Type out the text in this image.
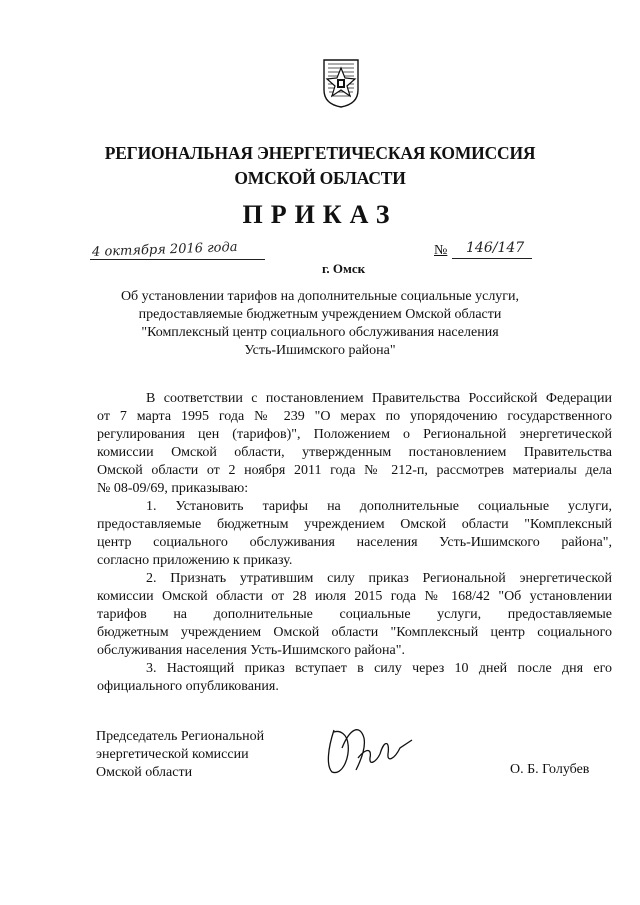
РЕГИОНАЛЬНАЯ ЭНЕРГЕТИЧЕСКАЯ КОМИССИЯ
ОМСКОЙ ОБЛАСТИ
ПРИКАЗ
4 октября 2016 года	№ 146/147
г. Омск
Об установлении тарифов на дополнительные социальные услуги,
предоставляемые бюджетным учреждением Омской области
"Комплексный центр социального обслуживания населения
Усть-Ишимского района"
В соответствии с постановлением Правительства Российской Федерации
от 7 марта 1995 года № 239 "О мерах по упорядочению государственного
регулирования цен (тарифов)", Положением о Региональной энергетической
комиссии Омской области, утвержденным постановлением Правительства
Омской области от 2 ноября 2011 года № 212-п, рассмотрев материалы дела
№ 08-09/69, приказываю:
1. Установить тарифы на дополнительные социальные услуги,
предоставляемые бюджетным учреждением Омской области "Комплексный
центр социального обслуживания населения Усть-Ишимского района",
согласно приложению к приказу.
2. Признать утратившим силу приказ Региональной энергетической
комиссии Омской области от 28 июля 2015 года № 168/42 "Об установлении
тарифов на дополнительные социальные услуги, предоставляемые
бюджетным учреждением Омской области "Комплексный центр социального
обслуживания населения Усть-Ишимского района".
3. Настоящий приказ вступает в силу через 10 дней после дня его
официального опубликования.
Председатель Региональной
энергетической комиссии
Омской области	О. Б. Голубев
